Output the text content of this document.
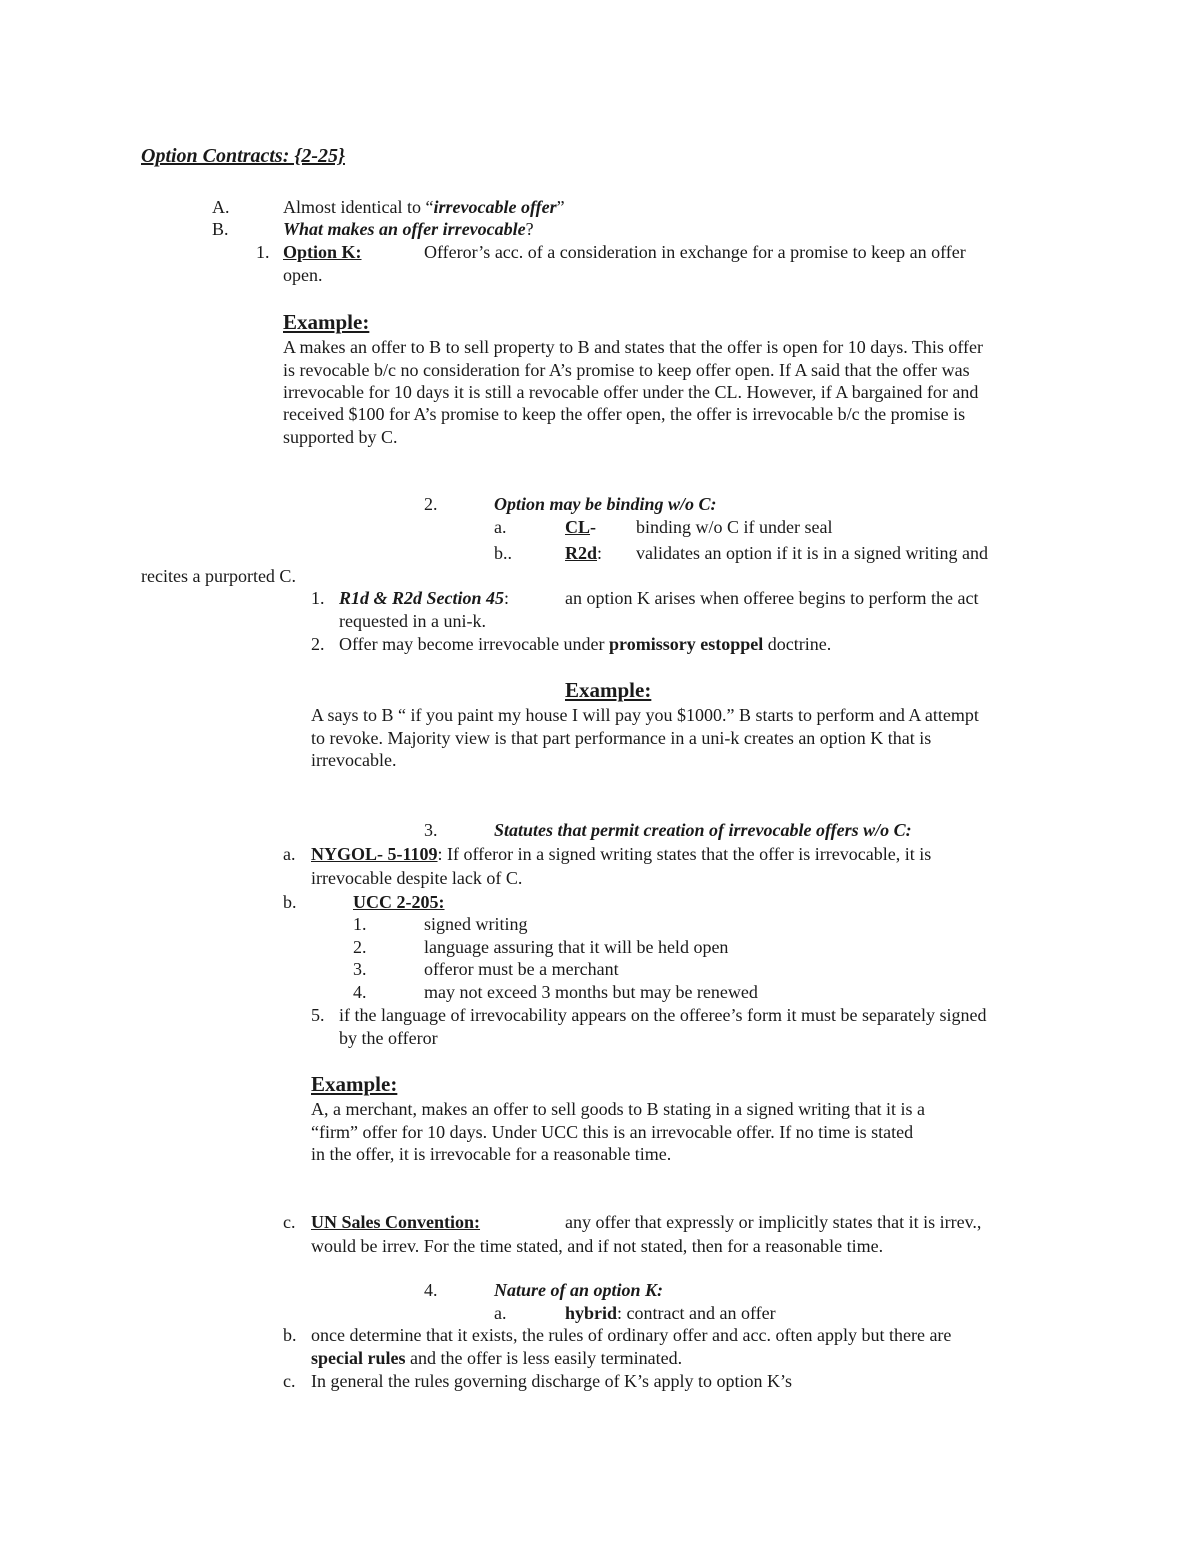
Option Contracts: {2-25}
A.	Almost identical to “irrevocable offer”
B.	What makes an offer irrevocable?
1. Option K:	Offeror’s acc. of a consideration in exchange for a promise to keep an offer
open.
Example:
A makes an offer to B to sell property to B and states that the offer is open for 10 days. This offer
is revocable b/c no consideration for A’s promise to keep offer open. If A said that the offer was
irrevocable for 10 days it is still a revocable offer under the CL. However, if A bargained for and
received $100 for A’s promise to keep the offer open, the offer is irrevocable b/c the promise is
supported by C.
2.	Option may be binding w/o C:
a.	CL- binding w/o C if under seal
b..	R2d: validates an option if it is in a signed writing and
recites a purported C.
1. R1d & R2d Section 45:	an option K arises when offeree begins to perform the act
requested in a uni-k.
2. Offer may become irrevocable under promissory estoppel doctrine.
Example:
A says to B “ if you paint my house I will pay you $1000.” B starts to perform and A attempt
to revoke. Majority view is that part performance in a uni-k creates an option K that is
irrevocable.
3.	Statutes that permit creation of irrevocable offers w/o C:
a. NYGOL- 5-1109: If offeror in a signed writing states that the offer is irrevocable, it is
irrevocable despite lack of C.
b.	UCC 2-205:
1.	signed writing
2.	language assuring that it will be held open
3.	offeror must be a merchant
4.	may not exceed 3 months but may be renewed
5. if the language of irrevocability appears on the offeree’s form it must be separately signed
by the offeror
Example:
A, a merchant, makes an offer to sell goods to B stating in a signed writing that it is a
“firm” offer for 10 days. Under UCC this is an irrevocable offer. If no time is stated
in the offer, it is irrevocable for a reasonable time.
c. UN Sales Convention:	any offer that expressly or implicitly states that it is irrev.,
would be irrev. For the time stated, and if not stated, then for a reasonable time.
4.	Nature of an option K:
a.	hybrid: contract and an offer
b. once determine that it exists, the rules of ordinary offer and acc. often apply but there are
special rules and the offer is less easily terminated.
c. In general the rules governing discharge of K’s apply to option K’s
